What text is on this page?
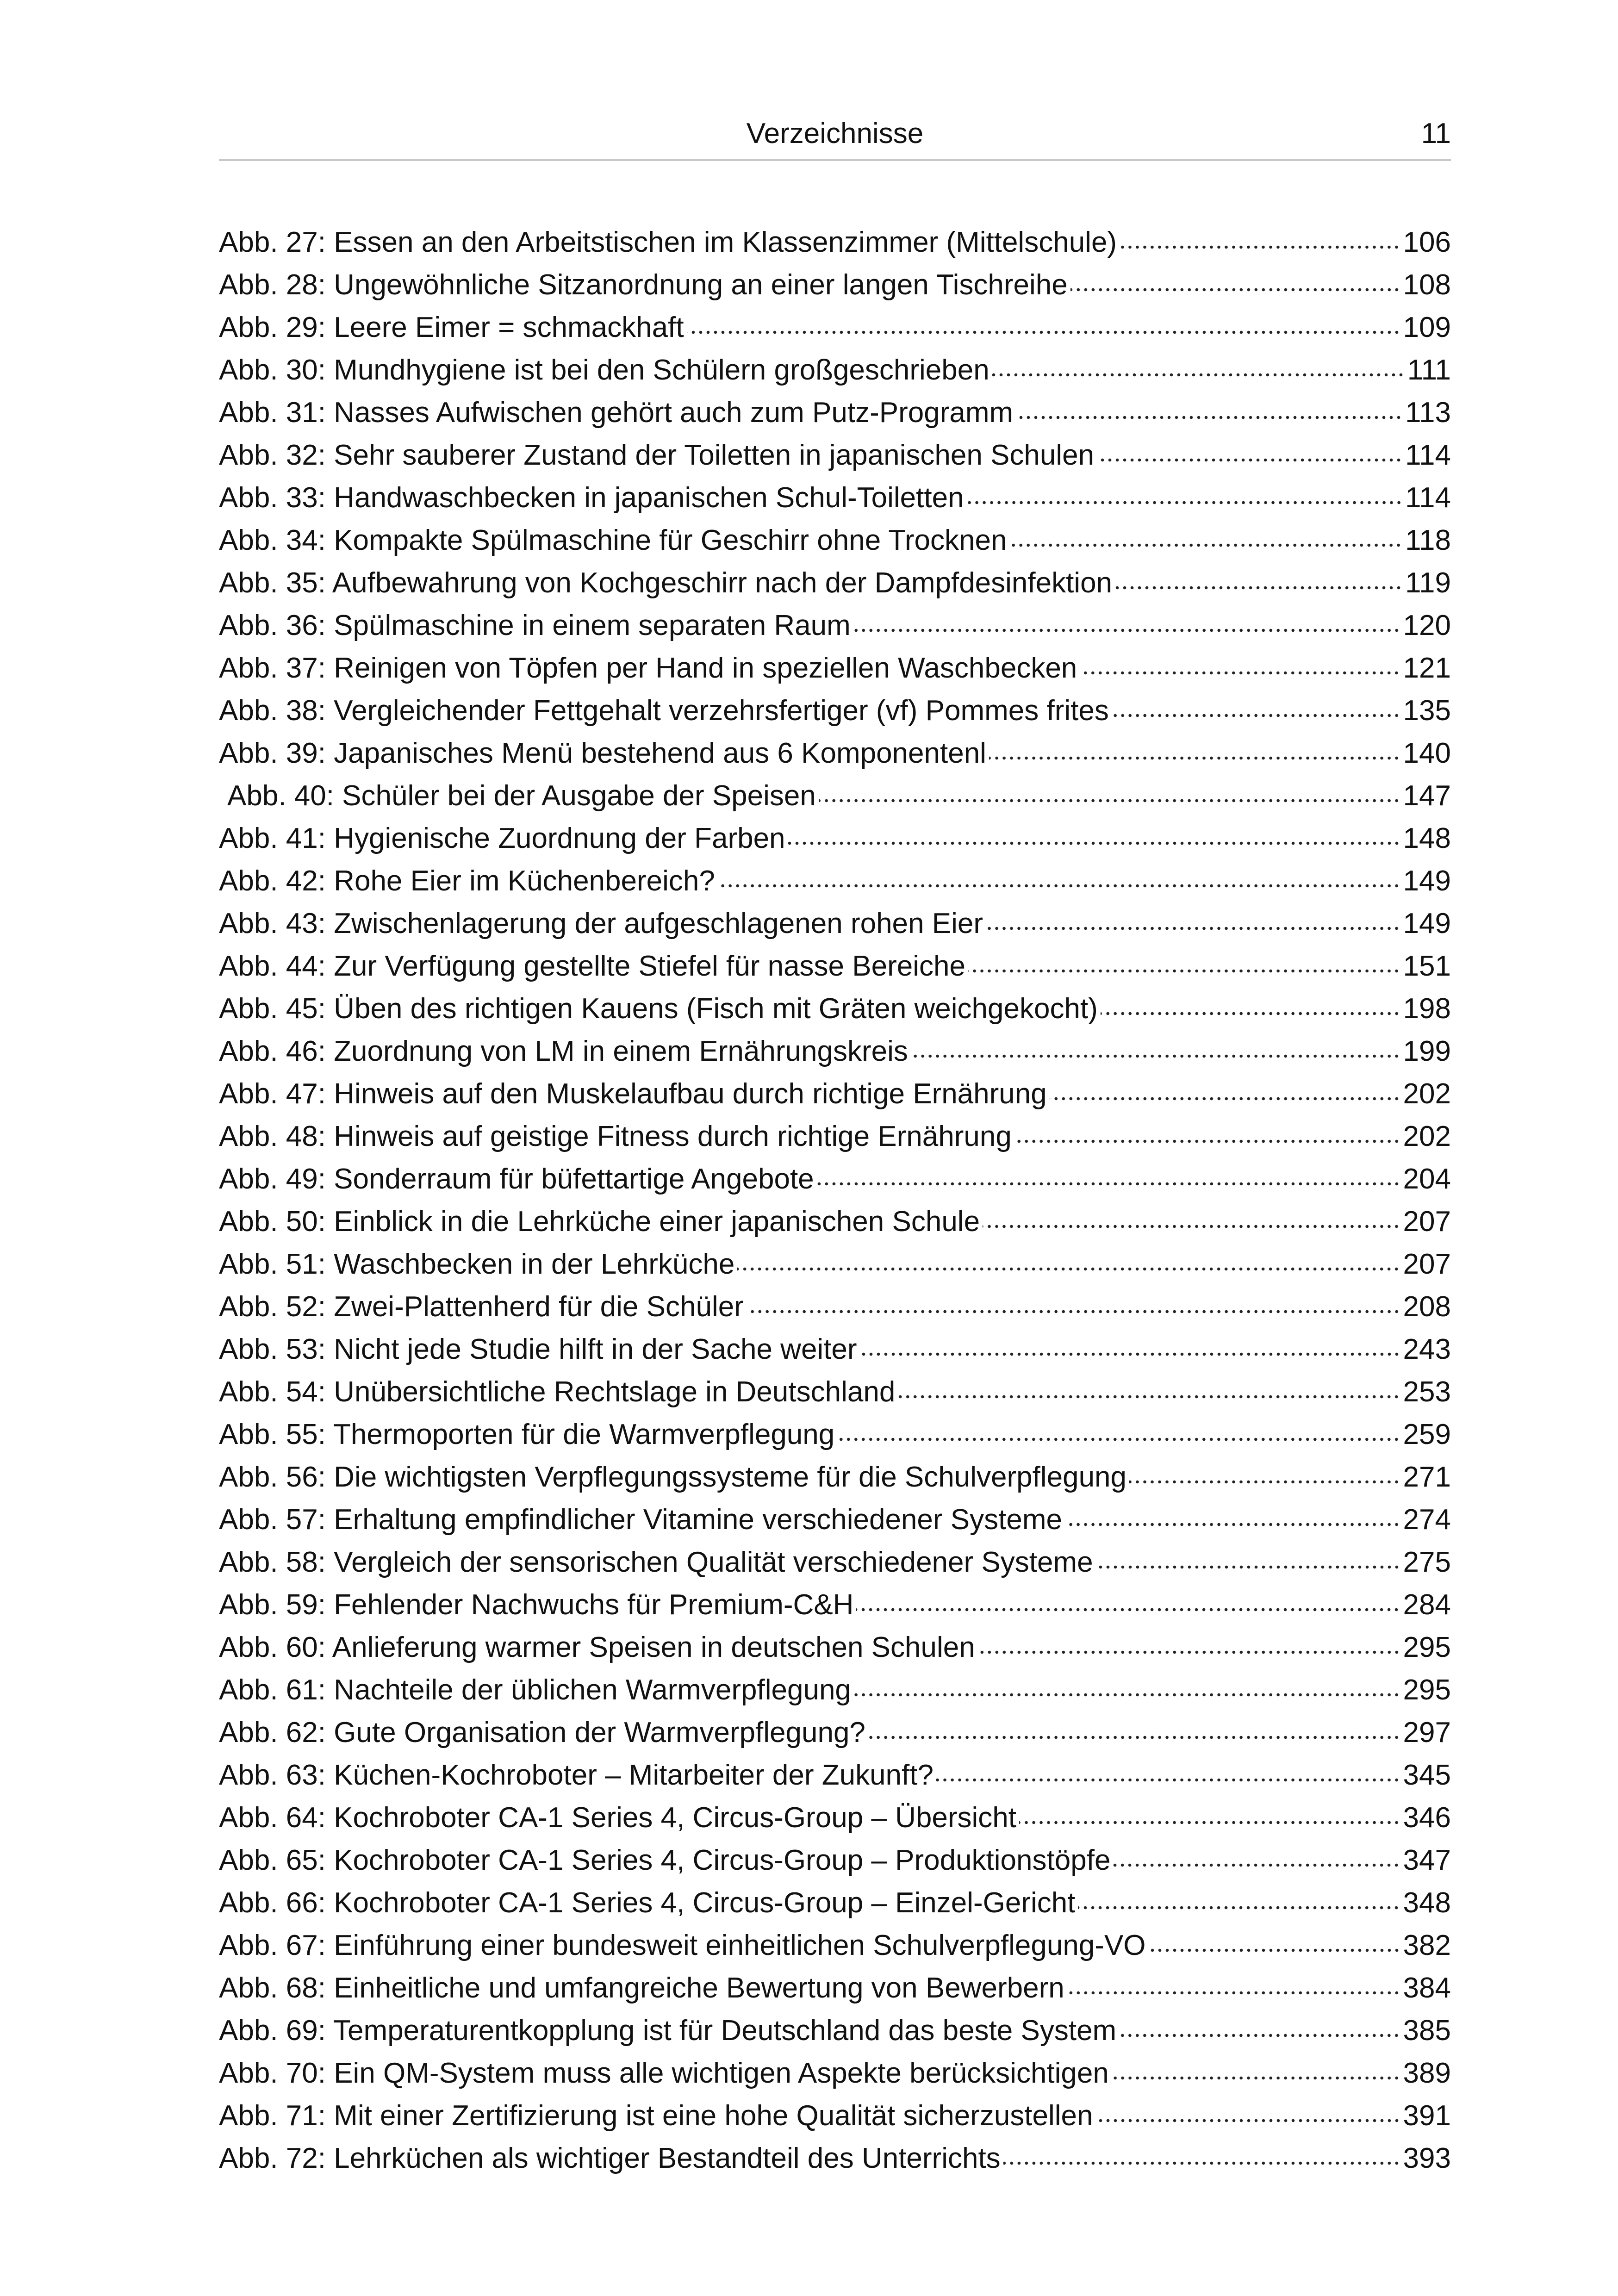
Verzeichnisse	11
Abb. 27: Essen an den Arbeitstischen im Klassenzimmer (Mittelschule)	106
Abb. 28: Ungewöhnliche Sitzanordnung an einer langen Tischreihe	108
Abb. 29: Leere Eimer = schmackhaft	109
Abb. 30: Mundhygiene ist bei den Schülern großgeschrieben	111
Abb. 31: Nasses Aufwischen gehört auch zum Putz-Programm	113
Abb. 32: Sehr sauberer Zustand der Toiletten in japanischen Schulen	114
Abb. 33: Handwaschbecken in japanischen Schul-Toiletten	114
Abb. 34: Kompakte Spülmaschine für Geschirr ohne Trocknen	118
Abb. 35: Aufbewahrung von Kochgeschirr nach der Dampfdesinfektion	119
Abb. 36: Spülmaschine in einem separaten Raum	120
Abb. 37: Reinigen von Töpfen per Hand in speziellen Waschbecken	121
Abb. 38: Vergleichender Fettgehalt verzehrsfertiger (vf) Pommes frites	135
Abb. 39: Japanisches Menü bestehend aus 6 Komponentenl	140
Abb. 40: Schüler bei der Ausgabe der Speisen	147
Abb. 41: Hygienische Zuordnung der Farben	148
Abb. 42: Rohe Eier im Küchenbereich?	149
Abb. 43: Zwischenlagerung der aufgeschlagenen rohen Eier	149
Abb. 44: Zur Verfügung gestellte Stiefel für nasse Bereiche	151
Abb. 45: Üben des richtigen Kauens (Fisch mit Gräten weichgekocht)	198
Abb. 46: Zuordnung von LM in einem Ernährungskreis	199
Abb. 47: Hinweis auf den Muskelaufbau durch richtige Ernährung	202
Abb. 48: Hinweis auf geistige Fitness durch richtige Ernährung	202
Abb. 49: Sonderraum für büfettartige Angebote	204
Abb. 50: Einblick in die Lehrküche einer japanischen Schule	207
Abb. 51: Waschbecken in der Lehrküche	207
Abb. 52: Zwei-Plattenherd für die Schüler	208
Abb. 53: Nicht jede Studie hilft in der Sache weiter	243
Abb. 54: Unübersichtliche Rechtslage in Deutschland	253
Abb. 55: Thermoporten für die Warmverpflegung	259
Abb. 56: Die wichtigsten Verpflegungssysteme für die Schulverpflegung	271
Abb. 57: Erhaltung empfindlicher Vitamine verschiedener Systeme	274
Abb. 58: Vergleich der sensorischen Qualität verschiedener Systeme	275
Abb. 59: Fehlender Nachwuchs für Premium-C&H	284
Abb. 60: Anlieferung warmer Speisen in deutschen Schulen	295
Abb. 61: Nachteile der üblichen Warmverpflegung	295
Abb. 62: Gute Organisation der Warmverpflegung?	297
Abb. 63: Küchen-Kochroboter – Mitarbeiter der Zukunft?	345
Abb. 64: Kochroboter CA-1 Series 4, Circus-Group – Übersicht	346
Abb. 65: Kochroboter CA-1 Series 4, Circus-Group – Produktionstöpfe	347
Abb. 66: Kochroboter CA-1 Series 4, Circus-Group – Einzel-Gericht	348
Abb. 67: Einführung einer bundesweit einheitlichen Schulverpflegung-VO	382
Abb. 68: Einheitliche und umfangreiche Bewertung von Bewerbern	384
Abb. 69: Temperaturentkopplung ist für Deutschland das beste System	385
Abb. 70: Ein QM-System muss alle wichtigen Aspekte berücksichtigen	389
Abb. 71: Mit einer Zertifizierung ist eine hohe Qualität sicherzustellen	391
Abb. 72: Lehrküchen als wichtiger Bestandteil des Unterrichts	393
